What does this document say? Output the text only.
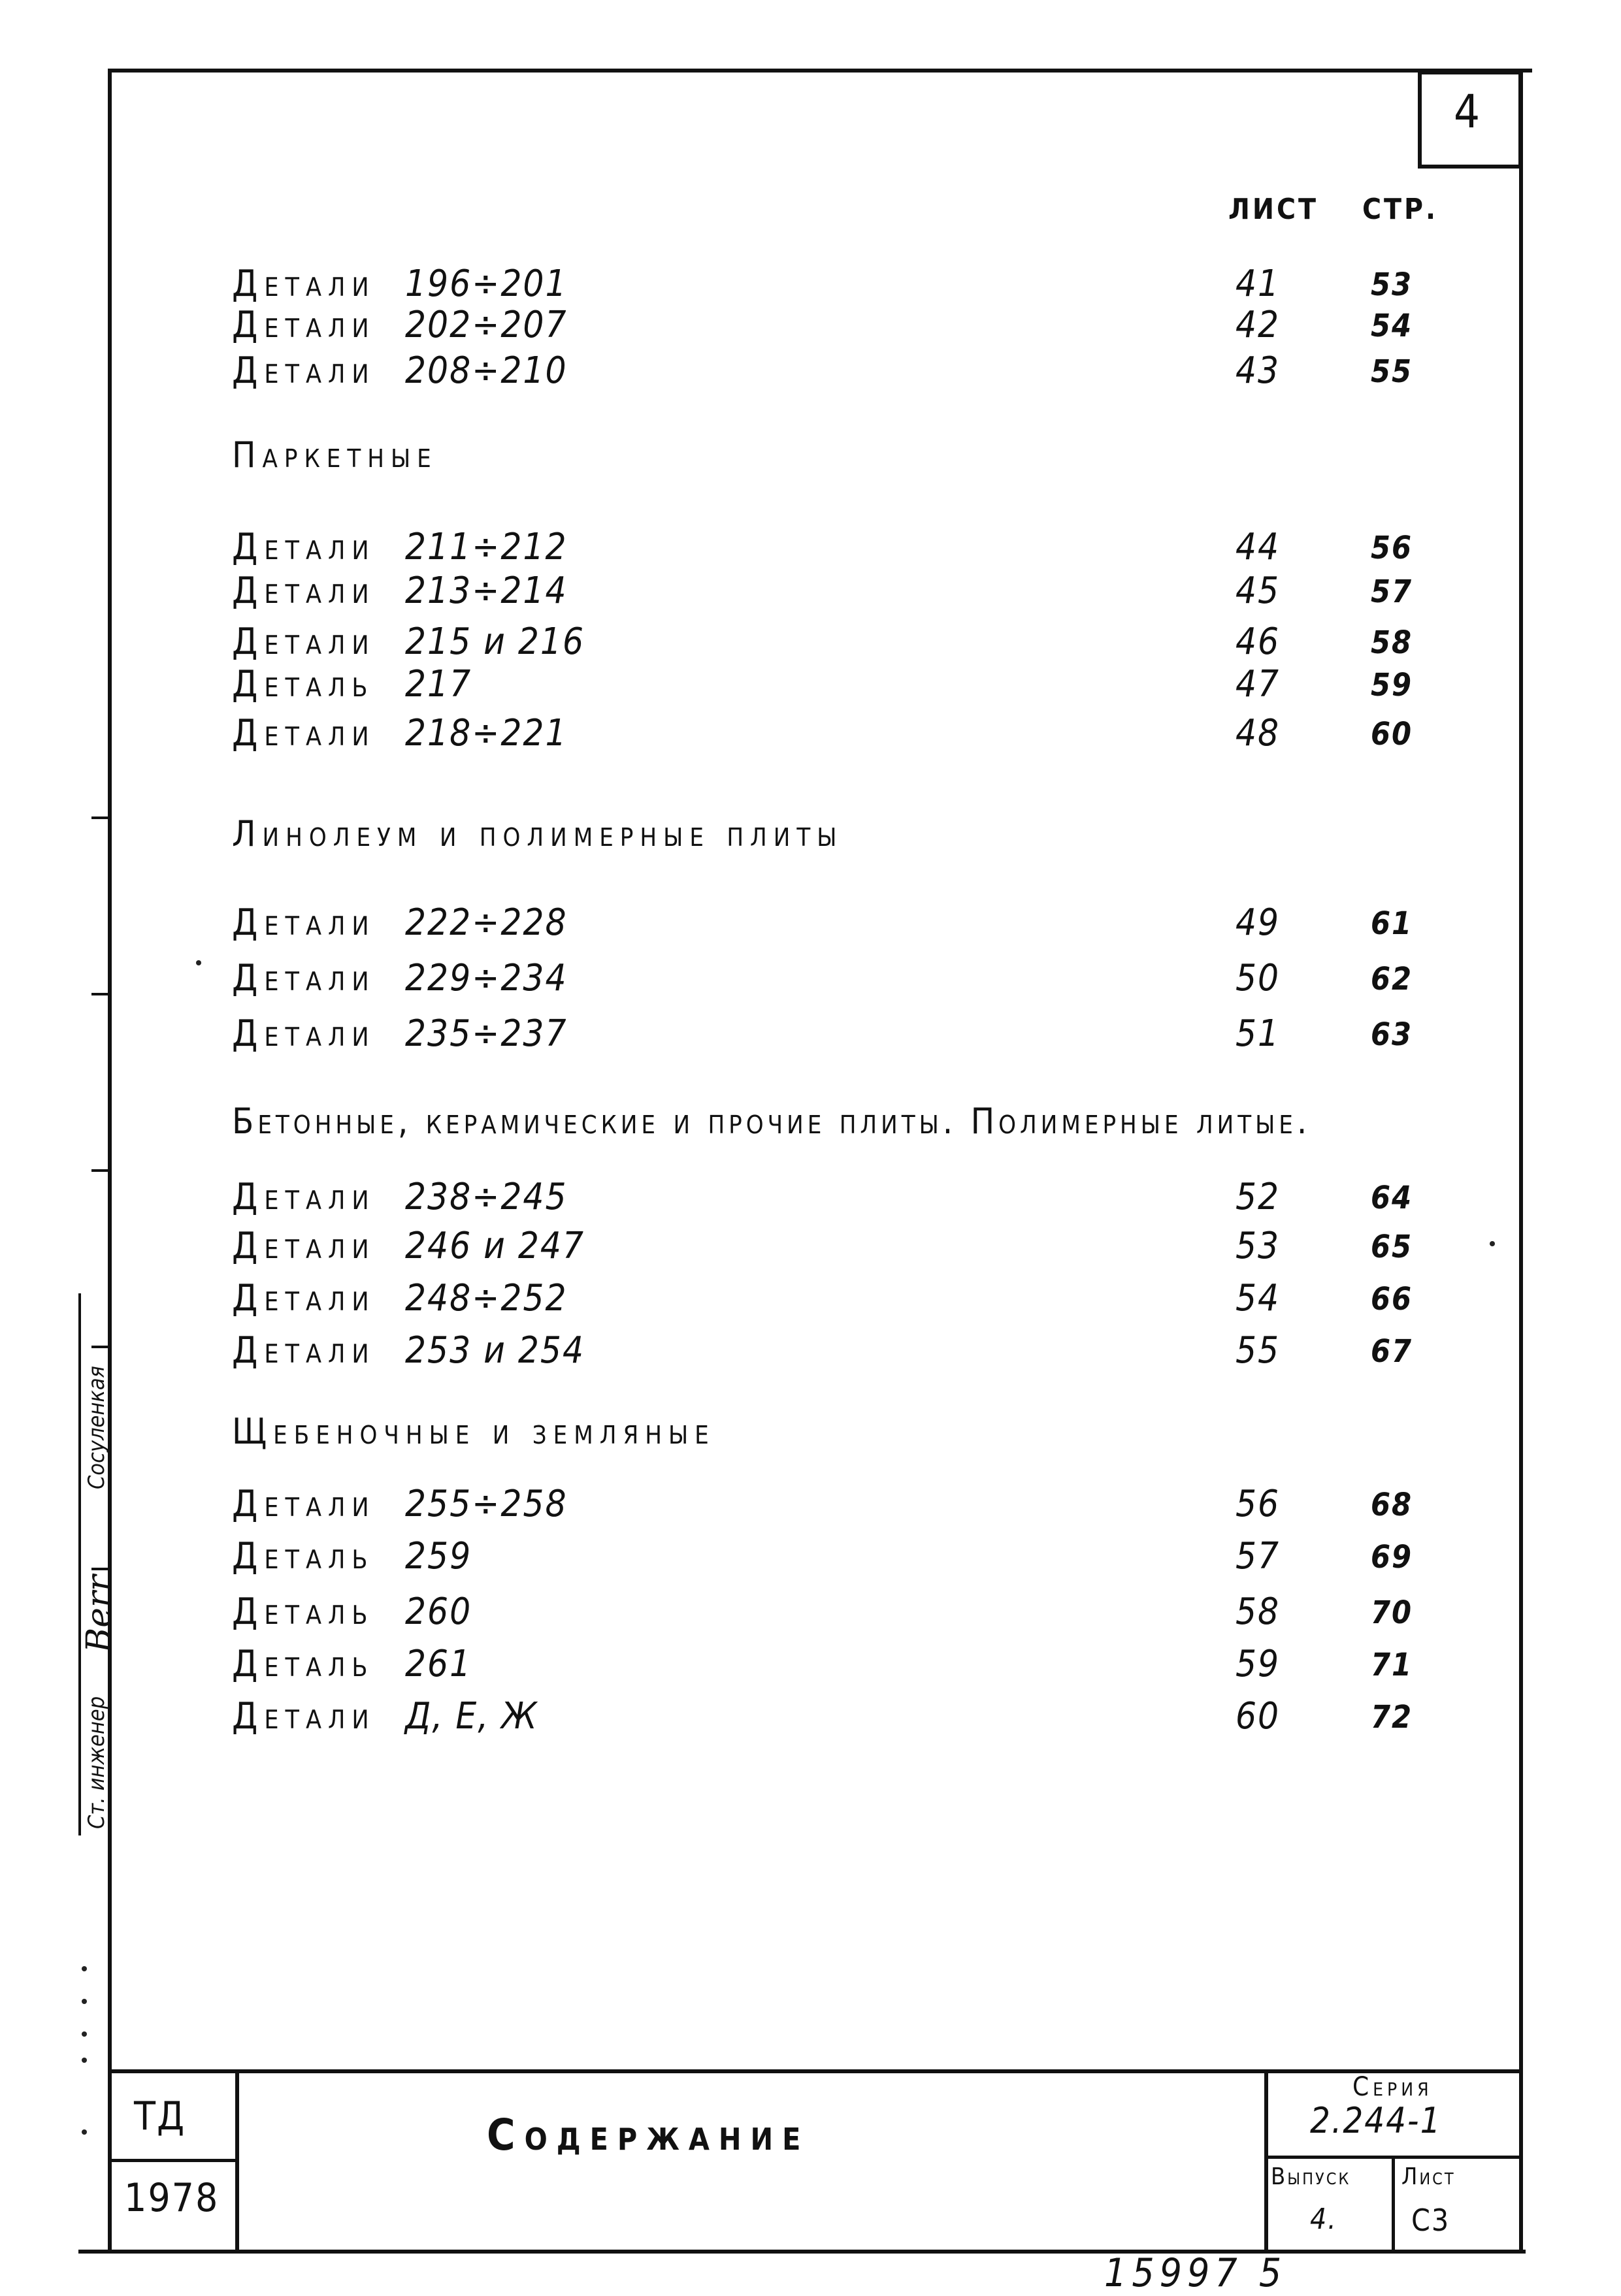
4
ЛИСТ СТР.
Детали 196÷201	41	53
Детали 202÷207	42	54
Детали 208÷210	43	55
Паркетные
Детали 211÷212	44	56
Детали 213÷214	45	57
Детали 215 и 216	46	58
Деталь 217	47	59
Детали 218÷221	48	60
Линолеум и полимерные плиты
Детали 222÷228	49	61
Детали 229÷234	50	62
Детали 235÷237	51	63
Бетонные, керамические и прочие плиты. Полимерные литые.
Детали 238÷245	52	64
Детали 246 и 247	53	65
Детали 248÷252	54	66
Детали 253 и 254	55	67
Щебеночные и земляные
Детали 255÷258	56	68
Деталь 259	57	69
Деталь 260	58	70
Деталь 261	59	71
Детали Д, Е, Ж	60	72
ТД
1978
Содержание
Серия
2.244-1
Выпуск
4.
Лист
С3
Ст. инженер
Berr
Сосуленкая
15997 5
